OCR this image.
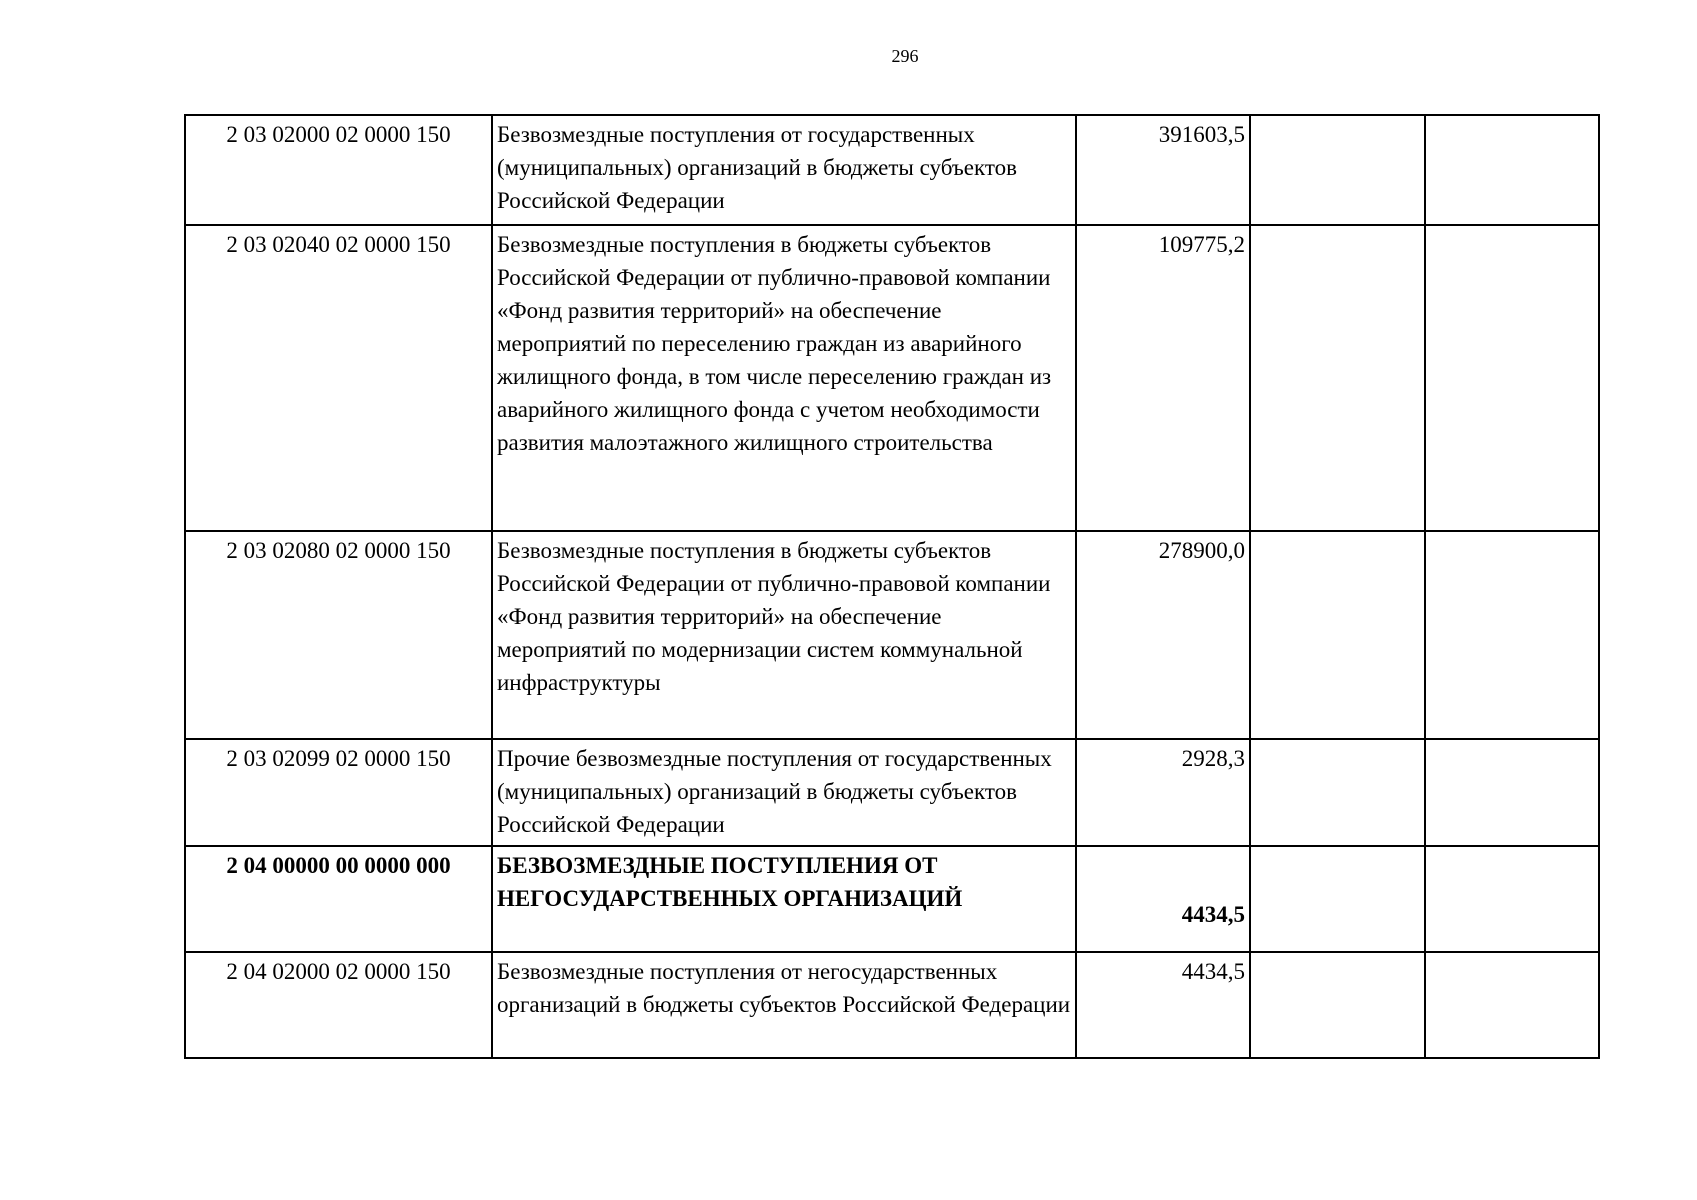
296
2 03 02000 02 0000 150	Безвозмездные поступления от государственных (муниципальных) организаций в бюджеты субъектов Российской Федерации	391603,5		
2 03 02040 02 0000 150	Безвозмездные поступления в бюджеты субъектов Российской Федерации от публично-правовой компании «Фонд развития территорий» на обеспечение мероприятий по переселению граждан из аварийного жилищного фонда, в том числе переселению граждан из аварийного жилищного фонда с учетом необходимости развития малоэтажного жилищного строительства	109775,2		
2 03 02080 02 0000 150	Безвозмездные поступления в бюджеты субъектов Российской Федерации от публично-правовой компании «Фонд развития территорий» на обеспечение мероприятий по модернизации систем коммунальной инфраструктуры	278900,0		
2 03 02099 02 0000 150	Прочие безвозмездные поступления от государственных (муниципальных) организаций в бюджеты субъектов Российской Федерации	2928,3		
2 04 00000 00 0000 000	БЕЗВОЗМЕЗДНЫЕ ПОСТУПЛЕНИЯ ОТ НЕГОСУДАРСТВЕННЫХ ОРГАНИЗАЦИЙ	4434,5		
2 04 02000 02 0000 150	Безвозмездные поступления от негосударственных организаций в бюджеты субъектов Российской Федерации	4434,5		
